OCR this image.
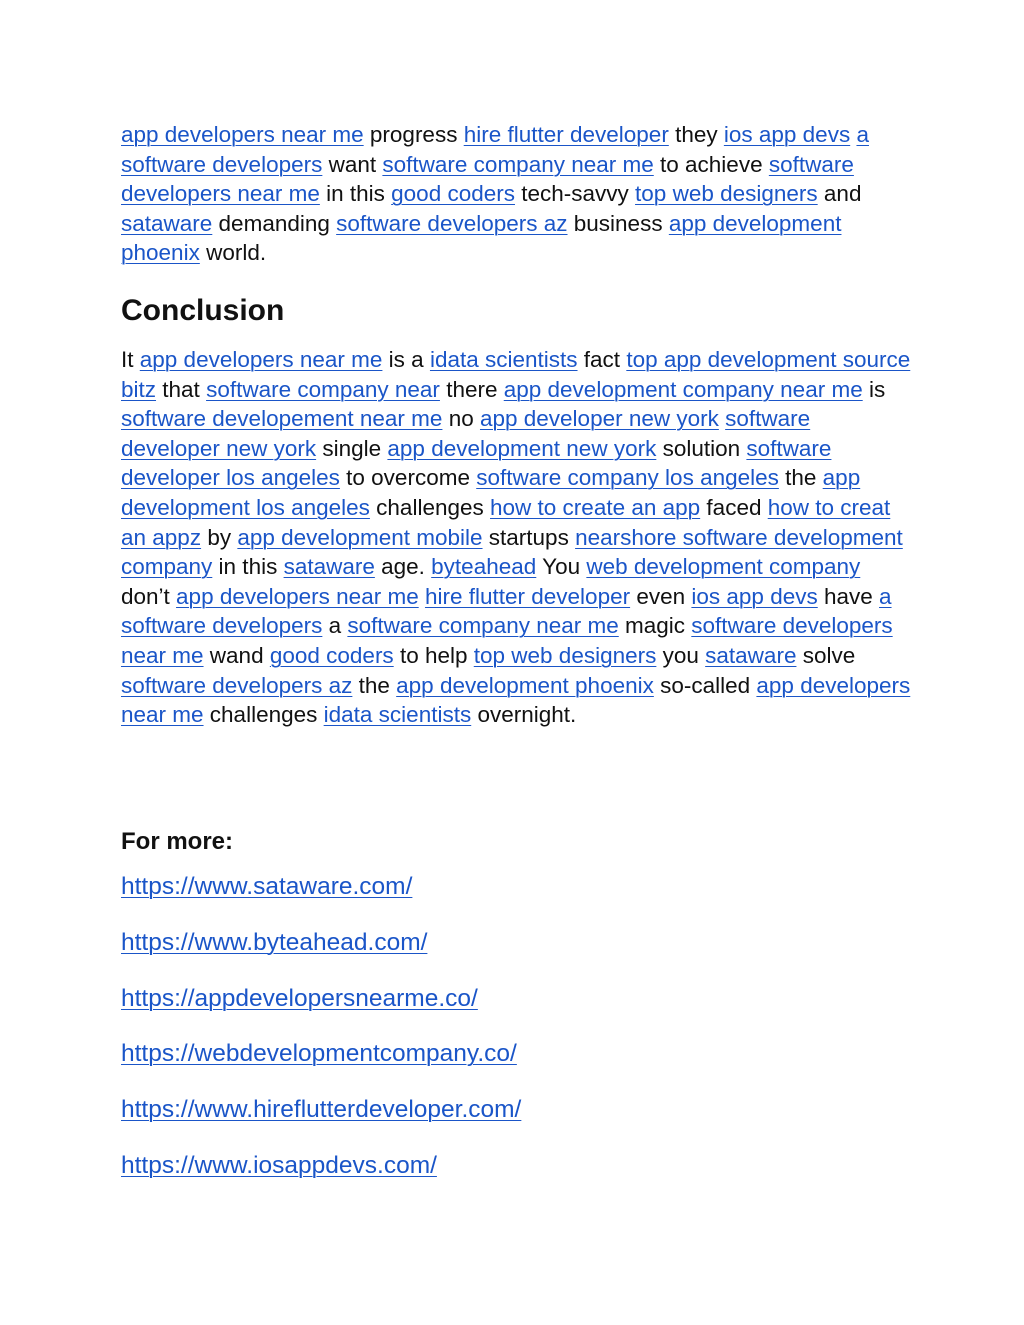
app developers near me progress hire flutter developer they ios app devs a software developers want software company near me to achieve software developers near me in this good coders tech-savvy top web designers and sataware demanding software developers az business app development phoenix world.

Conclusion

It app developers near me is a idata scientists fact top app development source bitz that software company near there app development company near me is software developement near me no app developer new york software developer new york single app development new york solution software developer los angeles to overcome software company los angeles the app development los angeles challenges how to create an app faced how to creat an appz by app development mobile startups nearshore software development company in this sataware age. byteahead You web development company don’t app developers near me hire flutter developer even ios app devs have a software developers a software company near me magic software developers near me wand good coders to help top web designers you sataware solve software developers az the app development phoenix so-called app developers near me challenges idata scientists overnight.

For more:
https://www.sataware.com/
https://www.byteahead.com/
https://appdevelopersnearme.co/
https://webdevelopmentcompany.co/
https://www.hireflutterdeveloper.com/
https://www.iosappdevs.com/
